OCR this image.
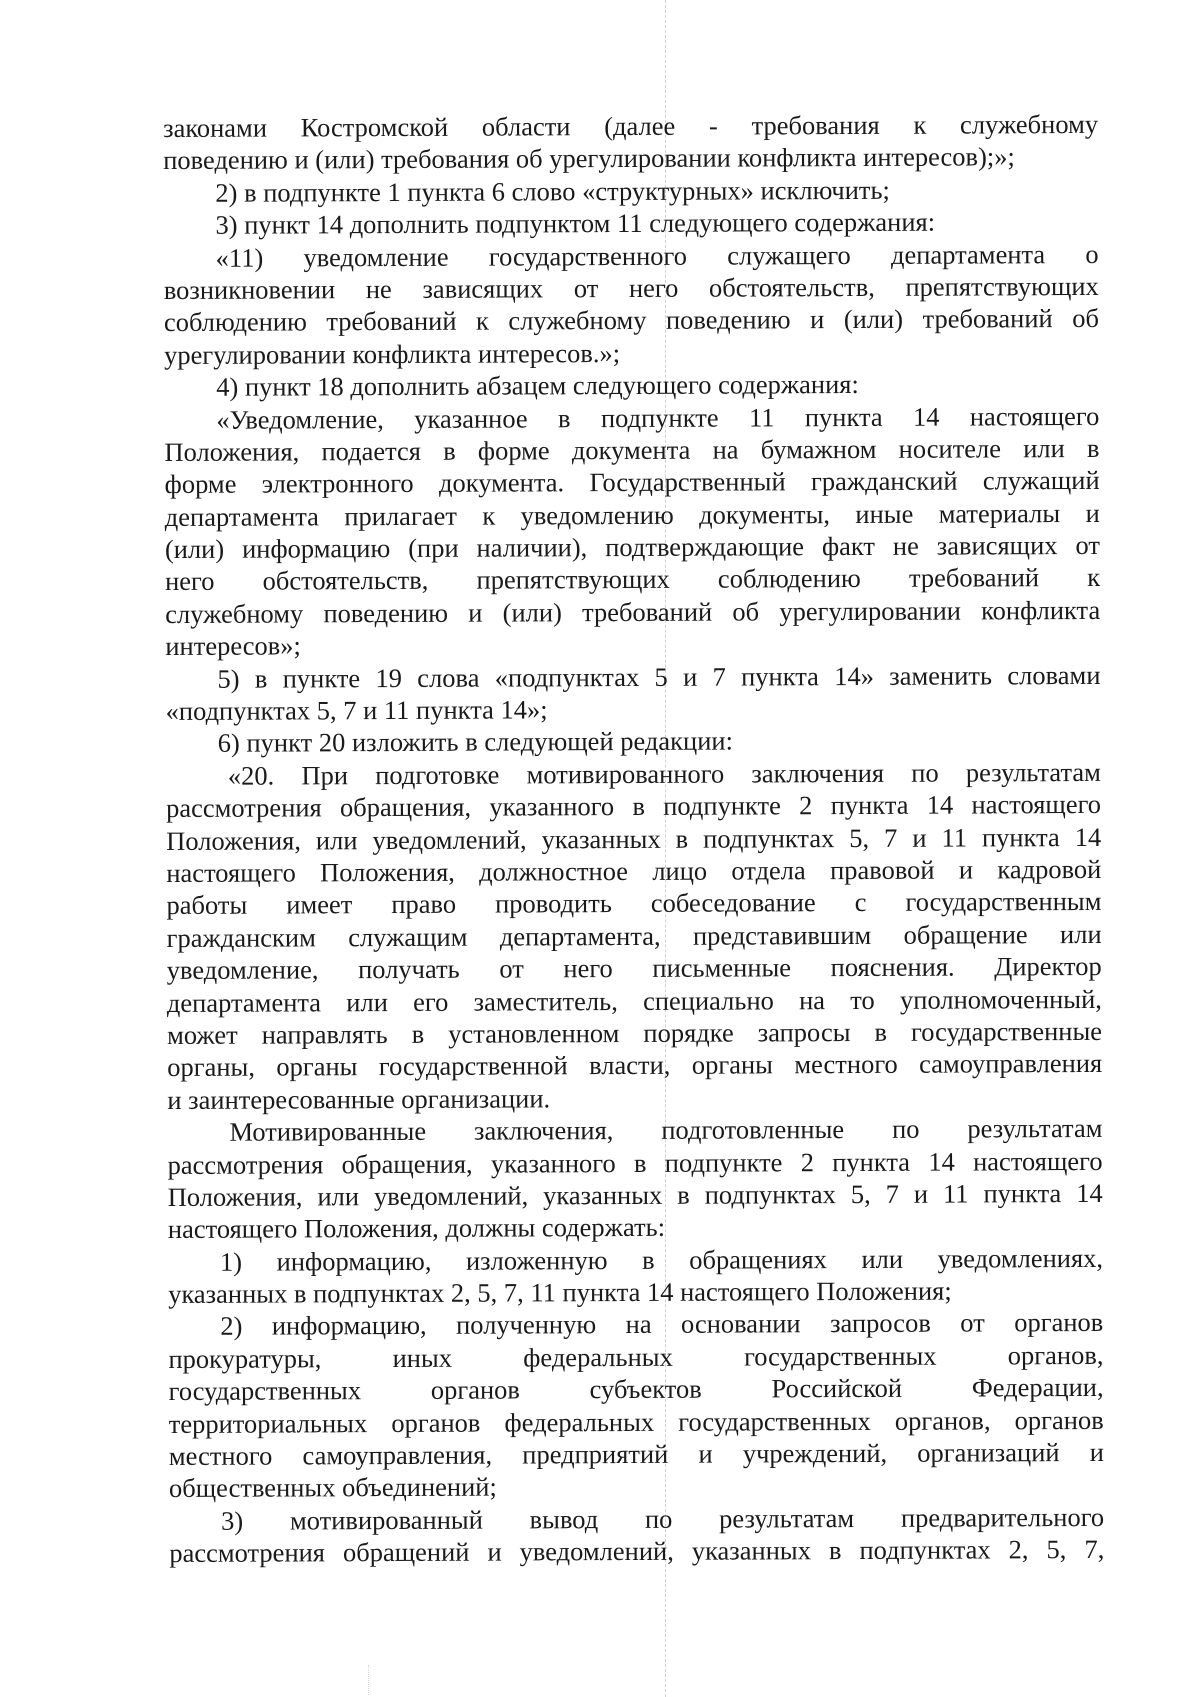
законами Костромской области (далее - требования к служебному
поведению и (или) требования об урегулировании конфликта интересов);»;
2) в подпункте 1 пункта 6 слово «структурных» исключить;
3) пункт 14 дополнить подпунктом 11 следующего содержания:
«11) уведомление государственного служащего департамента о
возникновении не зависящих от него обстоятельств, препятствующих
соблюдению требований к служебному поведению и (или) требований об
урегулировании конфликта интересов.»;
4) пункт 18 дополнить абзацем следующего содержания:
«Уведомление, указанное в подпункте 11 пункта 14 настоящего
Положения, подается в форме документа на бумажном носителе или в
форме электронного документа. Государственный гражданский служащий
департамента прилагает к уведомлению документы, иные материалы и
(или) информацию (при наличии), подтверждающие факт не зависящих от
него обстоятельств, препятствующих соблюдению требований к
служебному поведению и (или) требований об урегулировании конфликта
интересов»;
5) в пункте 19 слова «подпунктах 5 и 7 пункта 14» заменить словами
«подпунктах 5, 7 и 11 пункта 14»;
6) пункт 20 изложить в следующей редакции:
«20. При подготовке мотивированного заключения по результатам
рассмотрения обращения, указанного в подпункте 2 пункта 14 настоящего
Положения, или уведомлений, указанных в подпунктах 5, 7 и 11 пункта 14
настоящего Положения, должностное лицо отдела правовой и кадровой
работы имеет право проводить собеседование с государственным
гражданским служащим департамента, представившим обращение или
уведомление, получать от него письменные пояснения. Директор
департамента или его заместитель, специально на то уполномоченный,
может направлять в установленном порядке запросы в государственные
органы, органы государственной власти, органы местного самоуправления
и заинтересованные организации.
Мотивированные заключения, подготовленные по результатам
рассмотрения обращения, указанного в подпункте 2 пункта 14 настоящего
Положения, или уведомлений, указанных в подпунктах 5, 7 и 11 пункта 14
настоящего Положения, должны содержать:
1) информацию, изложенную в обращениях или уведомлениях,
указанных в подпунктах 2, 5, 7, 11 пункта 14 настоящего Положения;
2) информацию, полученную на основании запросов от органов
прокуратуры, иных федеральных государственных органов,
государственных органов субъектов Российской Федерации,
территориальных органов федеральных государственных органов, органов
местного самоуправления, предприятий и учреждений, организаций и
общественных объединений;
3) мотивированный вывод по результатам предварительного
рассмотрения обращений и уведомлений, указанных в подпунктах 2, 5, 7,
